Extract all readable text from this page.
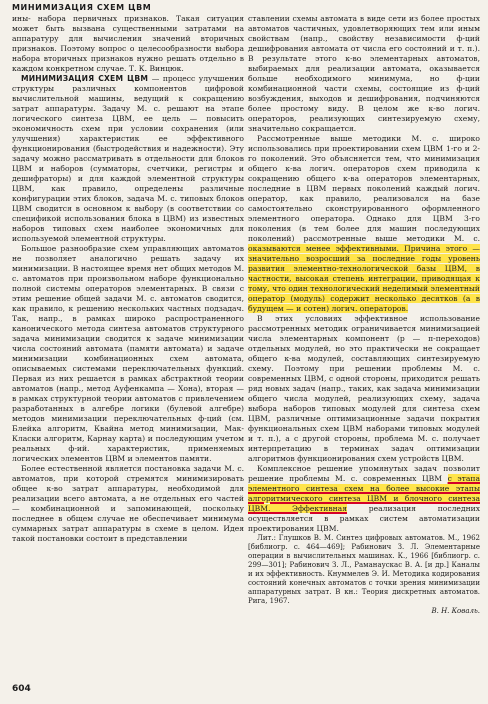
МИНИМИЗАЦИЯ СХЕМ ЦВМ

ины- набора первичных признаков. Такая ситуация может быть вызвана существенными затратами на аппаратуру для вычисления значений вторичных признаков. Поэтому вопрос о целесообразности выбора набора вторичных признаков нужно решать отдельно в каждом конкретном случае. Т. К. Винцюк.

МИНИМИЗАЦИЯ СХЕМ ЦВМ — процесс улучшения структуры различных компонентов цифровой вычислительной машины, ведущий к сокращению затрат аппаратуры. Задачу М. с. решают на этапе логического синтеза ЦВМ, ее цель — повысить экономичность схем при условии сохранения (или улучшения) характеристик ее эффективного функционирования (быстродействия и надежности). Эту задачу можно рассматривать в отдельности для блоков ЦВМ и наборов (сумматоры, счетчики, регистры и дешифраторы) и для каждой элементной структуры ЦВМ, как правило, определены различные конфигурации этих блоков, задача М. с. типовых блоков ЦВМ сводится в основном к выбору (в соответствии со спецификой использования блока в ЦВМ) из известных наборов типовых схем наиболее экономичных для используемой элементной структуры.

Большое разнообразие схем управляющих автоматов не позволяет аналогично решать задачу их минимизации. В настоящее время нет общих методов М. с. автоматов при произвольном наборе функционально полной системы операторов элементарных. В связи с этим решение общей задачи М. с. автоматов сводится, как правило, к решению нескольких частных подзадач. Так, напр., в рамках широко распространенного канонического метода синтеза автоматов структурного задача минимизации сводится к задаче минимизации числа состояний автомата (памяти автомата) и задаче минимизации комбинационных схем автомата, описываемых системами переключательных функций. Первая из них решается в рамках абстрактной теории автоматов (напр., метод Ауфенкампа — Хона), вторая — в рамках структурной теории автоматов с привлечением разработанных в алгебре логики (булевой алгебре) методов минимизации переключательных ф-ций (см. Блейка алгоритм, Квайна метод минимизации, Мак-Класки алгоритм, Карнау карта) и последующим учетом реальных ф-ий. характеристик, применяемых логических элементов ЦВМ и элементов памяти.

Более естественной является постановка задачи М. с. автоматов, при которой стремятся минимизировать общее к-во затрат аппаратуры, необходимой для реализации всего автомата, а не отдельных его частей — комбинационной и запоминающей, поскольку последнее в общем случае не обеспечивает минимума суммарных затрат аппаратуры в схеме в целом. Идея такой постановки состоит в представлении

ставлении схемы автомата в виде сети из более простых автоматов частичных, удовлетворяющих тем или иным свойствам (напр., свойству независимости ф-ций дешифрования автомата от числа его состояний и т. п.). В результате этого к-во элементарных автоматов, выбираемых для реализации автомата, оказывается больше необходимого минимума, но ф-ции комбинационной части схемы, состоящие из ф-ций возбуждения, выходов и дешифрования, подчиняются более простому виду. В целом же к-во логич. операторов, реализующих синтезируемую схему, значительно сокращается.

Рассмотренные выше методики М. с. широко использовались при проектировании схем ЦВМ 1-го и 2-го поколений. Это объясняется тем, что минимизация общего к-ва логич. операторов схем приводила к сокращению общего к-ва операторов элементарных, последние в ЦВМ первых поколений каждый логич. оператор, как правило, реализовался на базе самостоятельно сконструированного оформленного элементного оператора. Однако для ЦВМ 3-го поколения (в тем более для машин последующих поколений) рассмотренные выше методики М. с. оказываются менее эффективными. Причина этого — значительно возросший за последние годы уровень развития элементно-технологической базы ЦВМ, в частности, высокая степень интеграции, приводящая к тому, что один технологический неделимый элементный оператор (модуль) содержит несколько десятков (а в будущем — и сотен) логич. операторов.

В этих условиях эффективное использование рассмотренных методик ограничивается минимизацией числа элементарных компонент (р — п-переходов) отдельных модулей, но это практически не сокращает общего к-ва модулей, составляющих синтезируемую схему. Поэтому при решении проблемы М. с. современных ЦВМ, с одной стороны, приходится решать ряд новых задач (напр., таких, как задача минимизации общего числа модулей, реализующих схему, задача выбора наборов типовых модулей для синтеза схем ЦВМ, различные оптимизационные задачи покрытия функциональных схем ЦВМ наборами типовых модулей и т. п.), а с другой стороны, проблема М. с. получает интерпретацию в терминах задач оптимизации алгоритмов функционирования схем устройств ЦВМ.

Комплексное решение упомянутых задач позволит решение проблемы М. с. современных ЦВМ с этапа элементного синтеза схем на более высокие этапы алгоритмического синтеза ЦВМ и блочного синтеза ЦВМ. Эффективная реализация последних осуществляется в рамках систем автоматизации проектирования ЦВМ.

Лит.: Глушков В. М. Синтез цифровых автоматов. М., 1962 [библиогр. с. 464—469]; Рабинович З. Л. Элементарные операции в вычислительных машинах. К., 1966 [библиогр. с. 299—301]; Рабинович З. Л., Раманаускас В. А. [и др.] Каналы и их эффективность. Кнуммелев Э. И. Методика кодирования состояний конечных автоматов с точки зрения минимизации аппаратурных затрат. В кн.: Теория дискретных автоматов. Рига, 1967.

В. Н. Коваль.

604
